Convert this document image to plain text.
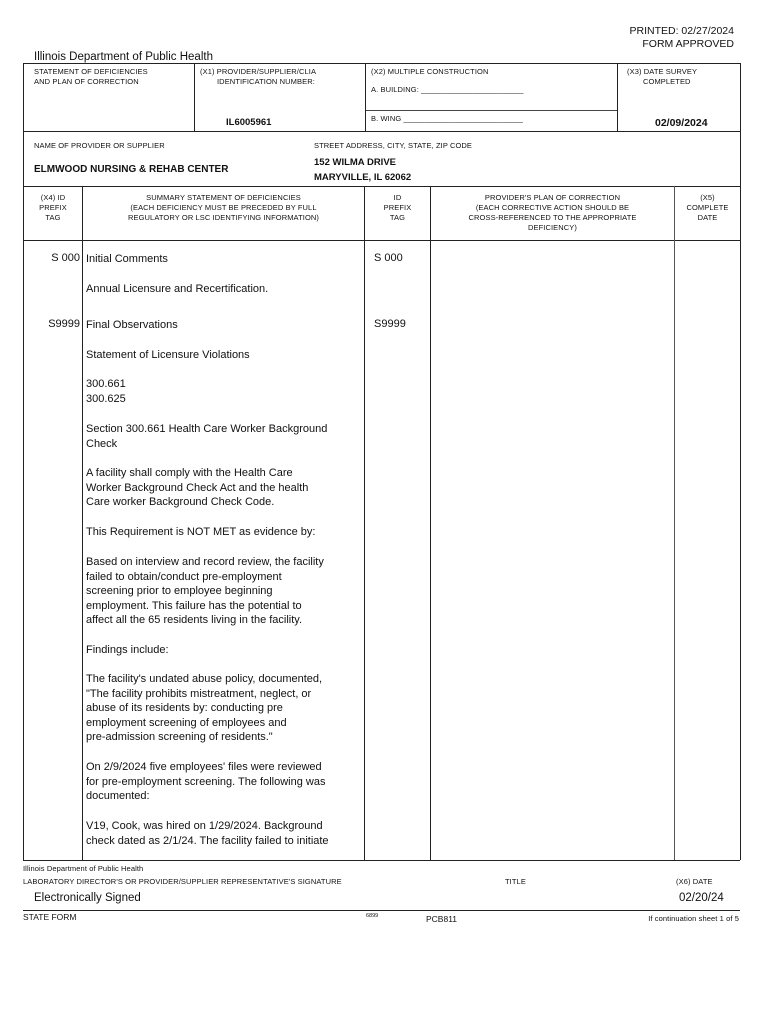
PRINTED: 02/27/2024
FORM APPROVED
Illinois Department of Public Health
STATEMENT OF DEFICIENCIES
AND PLAN OF CORRECTION
(X1) PROVIDER/SUPPLIER/CLIA
IDENTIFICATION NUMBER:
IL6005961
(X2) MULTIPLE CONSTRUCTION
A. BUILDING: ________________________
B. WING ____________________________
(X3) DATE SURVEY
COMPLETED
02/09/2024
NAME OF PROVIDER OR SUPPLIER
ELMWOOD NURSING & REHAB CENTER
STREET ADDRESS, CITY, STATE, ZIP CODE
152 WILMA DRIVE
MARYVILLE, IL 62062
(X4) ID
PREFIX
TAG
SUMMARY STATEMENT OF DEFICIENCIES
(EACH DEFICIENCY MUST BE PRECEDED BY FULL
REGULATORY OR LSC IDENTIFYING INFORMATION)
ID
PREFIX
TAG
PROVIDER'S PLAN OF CORRECTION
(EACH CORRECTIVE ACTION SHOULD BE
CROSS-REFERENCED TO THE APPROPRIATE
DEFICIENCY)
(X5)
COMPLETE
DATE
S 000	S 000
Initial Comments
Annual Licensure and Recertification.
S9999	S9999
Final Observations
Statement of Licensure Violations
300.661
300.625
Section 300.661 Health Care Worker Background
Check
A facility shall comply with the Health Care
Worker Background Check Act and the health
Care worker Background Check Code.
This Requirement is NOT MET as evidence by:
Based on interview and record review, the facility
failed to obtain/conduct pre-employment
screening prior to employee beginning
employment. This failure has the potential to
affect all the 65 residents living in the facility.
Findings include:
The facility's undated abuse policy, documented,
"The facility prohibits mistreatment, neglect, or
abuse of its residents by: conducting pre
employment screening of employees and
pre-admission screening of residents."
On 2/9/2024 five employees' files were reviewed
for pre-employment screening. The following was
documented:
V19, Cook, was hired on 1/29/2024. Background
check dated as 2/1/24. The facility failed to initiate
Illinois Department of Public Health
LABORATORY DIRECTOR'S OR PROVIDER/SUPPLIER REPRESENTATIVE'S SIGNATURE	TITLE	(X6) DATE
Electronically Signed	02/20/24
STATE FORM	6899	PCB811	If continuation sheet 1 of 5
